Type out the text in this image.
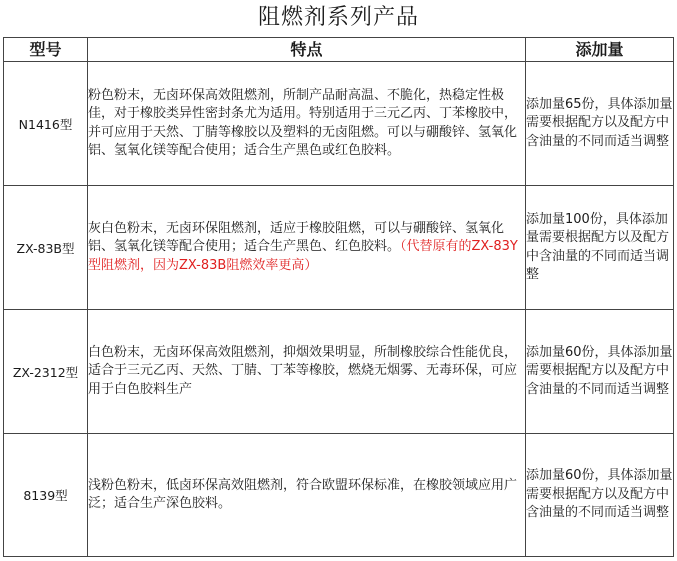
阻燃剂系列产品
型号	特点	添加量
N1416型	粉色粉末，无卤环保高效阻燃剂，所制产品耐高温、不脆化，热稳定性极佳，对于橡胶类异性密封条尤为适用。特别适用于三元乙丙、丁苯橡胶中，并可应用于天然、丁腈等橡胶以及塑料的无卤阻燃。可以与硼酸锌、氢氧化铝、氢氧化镁等配合使用；适合生产黑色或红色胶料。	添加量65份，具体添加量需要根据配方以及配方中含油量的不同而适当调整
ZX-83B型	灰白色粉末，无卤环保阻燃剂，适应于橡胶阻燃，可以与硼酸锌、氢氧化铝、氢氧化镁等配合使用；适合生产黑色、红色胶料。（代替原有的ZX-83Y型阻燃剂，因为ZX-83B阻燃效率更高）	添加量100份，具体添加量需要根据配方以及配方中含油量的不同而适当调整
ZX-2312型	白色粉末，无卤环保高效阻燃剂，抑烟效果明显，所制橡胶综合性能优良，适合于三元乙丙、天然、丁腈、丁苯等橡胶，燃烧无烟雾、无毒环保，可应用于白色胶料生产	添加量60份，具体添加量需要根据配方以及配方中含油量的不同而适当调整
8139型	浅粉色粉末，低卤环保高效阻燃剂，符合欧盟环保标准，在橡胶领域应用广泛；适合生产深色胶料。	添加量60份，具体添加量需要根据配方以及配方中含油量的不同而适当调整
